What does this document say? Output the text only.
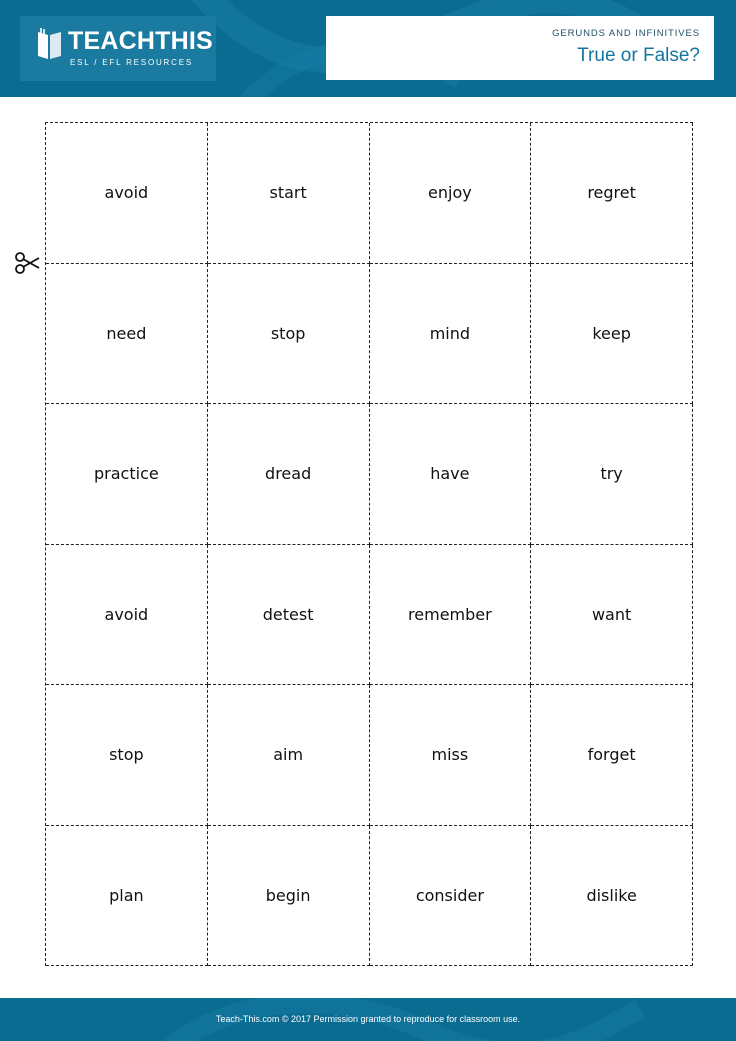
TEACHTHIS
ESL / EFL RESOURCES
GERUNDS AND INFINITIVES
True or False?
avoid	start	enjoy	regret
need	stop	mind	keep
practice	dread	have	try
avoid	detest	remember	want
stop	aim	miss	forget
plan	begin	consider	dislike
Teach-This.com © 2017 Permission granted to reproduce for classroom use.
